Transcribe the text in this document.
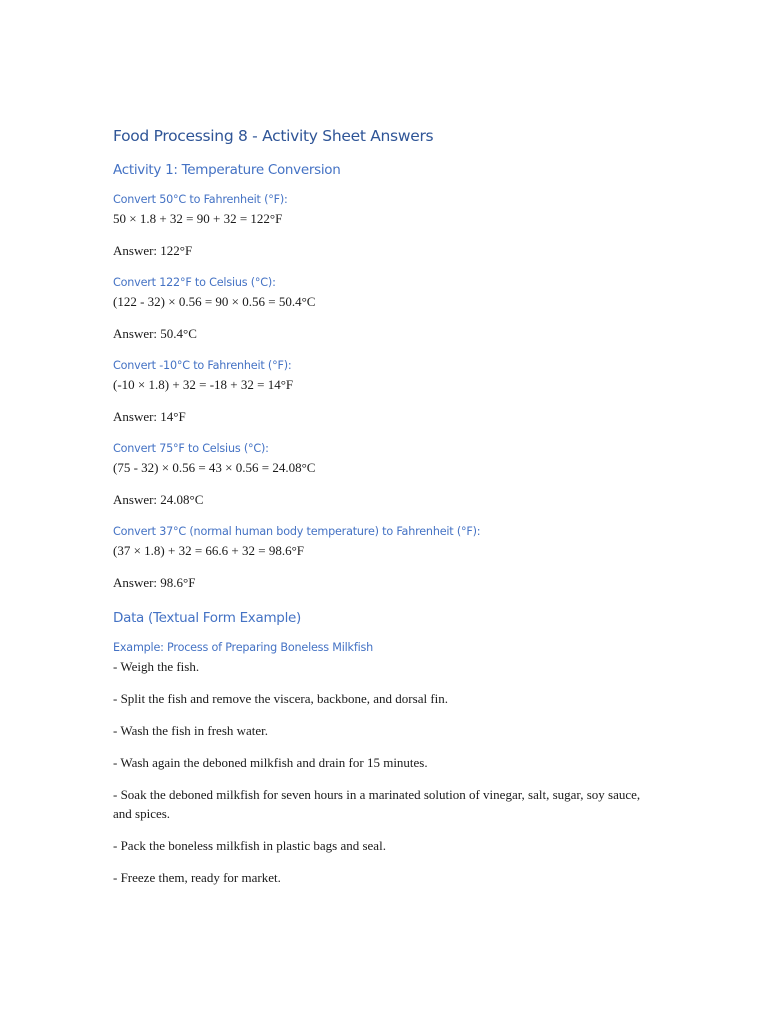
Food Processing 8 - Activity Sheet Answers
Activity 1: Temperature Conversion
Convert 50°C to Fahrenheit (°F):

50 × 1.8 + 32 = 90 + 32 = 122°F

Answer: 122°F

Convert 122°F to Celsius (°C):

(122 - 32) × 0.56 = 90 × 0.56 = 50.4°C

Answer: 50.4°C

Convert -10°C to Fahrenheit (°F):

(-10 × 1.8) + 32 = -18 + 32 = 14°F

Answer: 14°F

Convert 75°F to Celsius (°C):

(75 - 32) × 0.56 = 43 × 0.56 = 24.08°C

Answer: 24.08°C

Convert 37°C (normal human body temperature) to Fahrenheit (°F):

(37 × 1.8) + 32 = 66.6 + 32 = 98.6°F

Answer: 98.6°F

Data (Textual Form Example)
Example: Process of Preparing Boneless Milkfish

- Weigh the fish.

- Split the fish and remove the viscera, backbone, and dorsal fin.

- Wash the fish in fresh water.

- Wash again the deboned milkfish and drain for 15 minutes.

- Soak the deboned milkfish for seven hours in a marinated solution of vinegar, salt, sugar, soy sauce, and spices.

- Pack the boneless milkfish in plastic bags and seal.

- Freeze them, ready for market.
